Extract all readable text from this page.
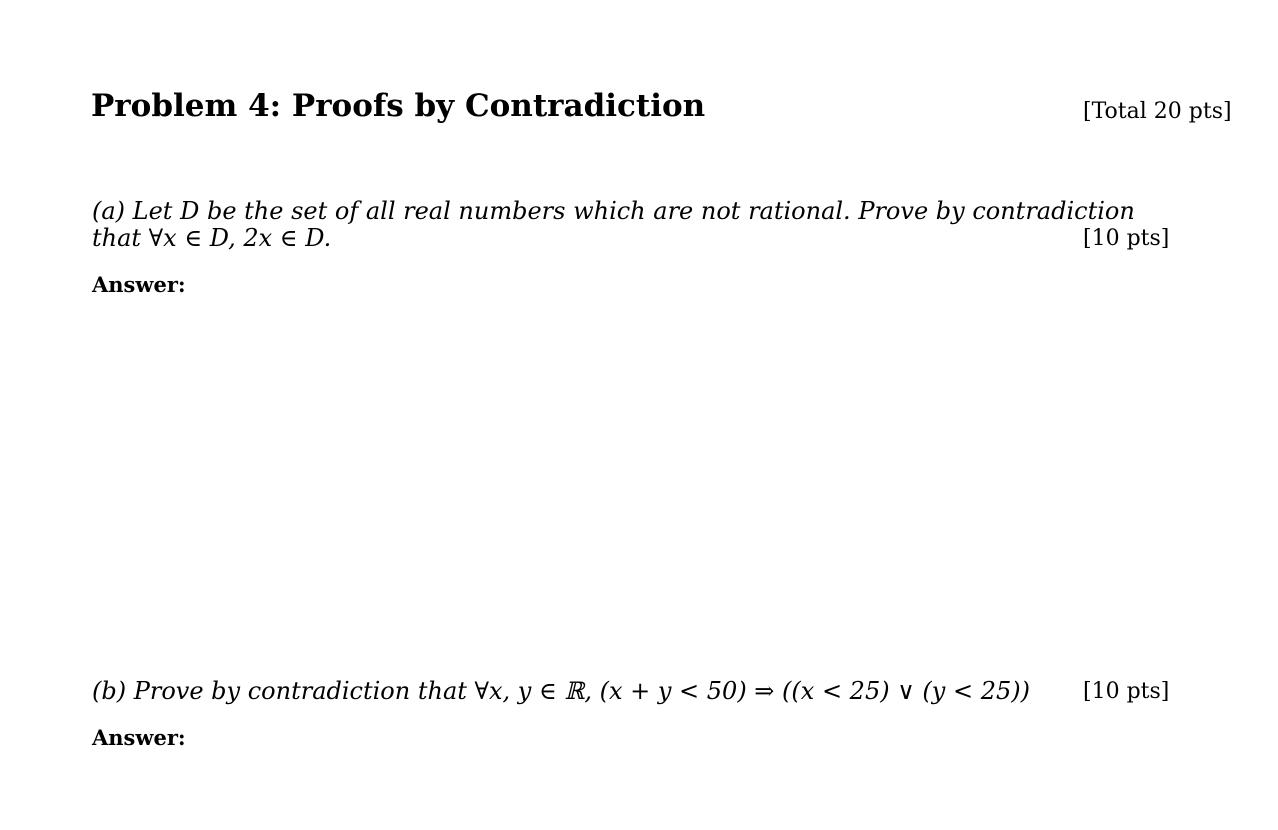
Problem 4: Proofs by Contradiction	[Total 20 pts]
(a) Let D be the set of all real numbers which are not rational. Prove by contradiction
that ∀x ∈ D, 2x ∈ D.	[10 pts]
Answer:
(b) Prove by contradiction that ∀x, y ∈ ℝ, (x + y < 50) ⇒ ((x < 25) ∨ (y < 25)) [10 pts]
Answer:
